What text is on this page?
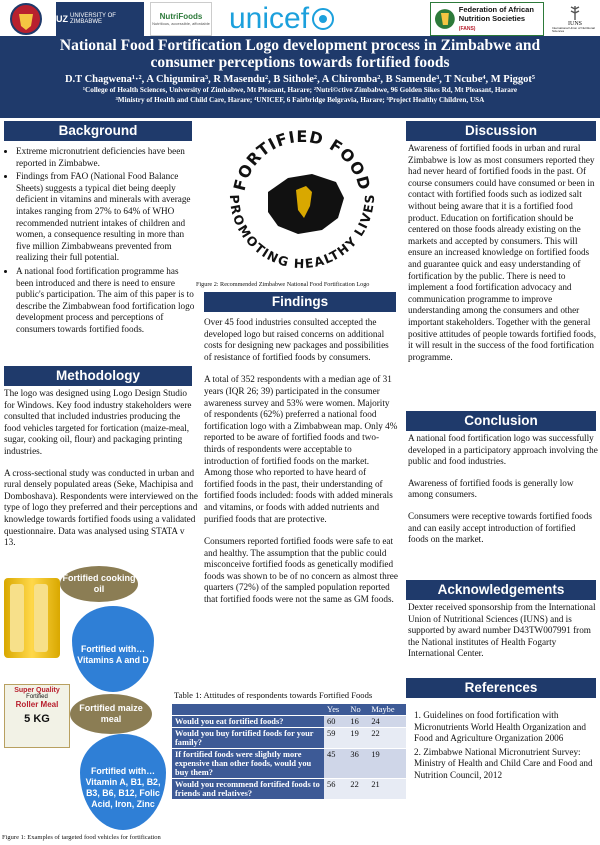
UZ UNIVERSITY OF ZIMBABWE
NutriFoods
Nutritious, accessible, affordable unicef	Federation of African
Nutrition Societies (FANS)
IUNS
International Union of Nutritional Sciences
National Food Fortification Logo development process in Zimbabwe and consumer perceptions towards fortified foods
D.T Chagwena¹·², A Chigumira³, R Masendu², B Sithole², A Chiromba², B Samende³, T Ncube⁴, M Piggot⁵
¹College of Health Sciences, University of Zimbabwe, Mt Pleasant, Harare; ²Nutri©ctive Zimbabwe, 96 Golden Sikes Rd, Mt Pleasant, Harare
³Ministry of Health and Child Care, Harare; ⁴UNICEF, 6 Fairbridge Belgravia, Harare; ⁵Project Healthy Children, USA
Background
• Extreme micronutrient deficiencies have been reported in Zimbabwe.
• Findings from FAO (National Food Balance Sheets) suggests a typical diet being deeply deficient in vitamins and minerals with average intakes ranging from 27% to 64% of WHO recommended nutrient intakes of children and women, a consequence resulting in more than five million Zimbabweans prevented from realizing their full potential.
• A national food fortification programme has been introduced and there is need to ensure public's participation. The aim of this paper is to describe the Zimbabwean food fortification logo development process and perceptions of consumers towards fortified foods.
Methodology

The logo was designed using Logo Design Studio for Windows. Key food industry stakeholders were consulted that included industries producing the food vehicles targeted for fortication (maize-meal, sugar, cooking oil, flour) and packaging printing industries.

A cross-sectional study was conducted in urban and rural densely populated areas (Seke, Machipisa and Domboshava). Respondents were interviewed on the type of logo they preferred and their perceptions and knowledge towards fortified foods using a validated questionnaire. Data was analysed using STATA v 13.

Fortified cooking oil
Fortified with… Vitamins A and D
Super Quality
Fortified
Roller Meal
5 KG
Fortified maize meal
Fortified with… Vitamin A, B1, B2, B3, B6, B12, Folic Acid, Iron, Zinc
Figure 1: Examples of targeted food vehicles for fortification
FORTIFIED FOOD
PROMOTING HEALTHY LIVES
Figure 2: Recommended Zimbabwe National Food Fortification Logo
Findings

Over 45 food industries consulted accepted the developed logo but raised concerns on additional costs for designing new packages and possibilities of resistance of fortified foods by consumers.

A total of 352 respondents with a median age of 31 years (IQR 26; 39) participated in the consumer awareness survey and 53% were women. Majority of respondents (62%) preferred a national food fortification logo with a Zimbabwean map. Only 4% reported to be aware of fortified foods and two-thirds of respondents were acceptable to introduction of fortified foods on the market. Among those who reported to have heard of fortified foods in the past, their understanding of fortified foods included: foods with added minerals and vitamins, or foods with added nutrients and purified foods that are protective.

Consumers reported fortified foods were safe to eat and healthy. The assumption that the public could misconceive fortified foods as genetically modified foods was shown to be of no concern as almost three quarters (72%) of the sampled population reported that fortified foods were not the same as GM foods.

Table 1: Attitudes of respondents towards Fortified Foods
	Yes	No	Maybe
Would you eat fortified foods?	60	16	24
Would you buy fortified foods for your family?	59	19	22
If fortified foods were slightly more expensive than other foods, would you buy them?	45	36	19
Would you recommend fortified foods to friends and relatives?	56	22	21
Discussion
Awareness of fortified foods in urban and rural Zimbabwe is low as most consumers reported they had never heard of fortified foods in the past. Of course consumers could have consumed or been in contact with fortified foods such as iodized salt without being aware that it is a fortified food product. Education on fortification should be centered on those foods already existing on the markets and accepted by consumers. This will ensure an increased knowledge on fortified foods and guarantee quick and easy understanding of fortification by the public. There is need to implement a food fortification advocacy and communication programme to improve understanding among the consumers and other important stakeholders. Together with the general positive attitudes of people towards fortified foods, it will result in the success of the food fortification programme.
Conclusion

A national food fortification logo was successfully developed in a participatory approach involving the public and food industries.

Awareness of fortified foods is generally low among consumers.

Consumers were receptive towards fortified foods and can easily accept introduction of fortified foods on the market.

Acknowledgements
Dexter received sponsorship from the International Union of Nutritional Sciences (IUNS) and is supported by award number D43TW007991 from the National institutes of Health Fogarty International Center.
References

1. Guidelines on food fortification with Micronutrients World Health Organization and Food and Agriculture Organization 2006

2. Zimbabwe National Micronutrient Survey: Ministry of Health and Child Care and Food and Nutrition Council, 2012
